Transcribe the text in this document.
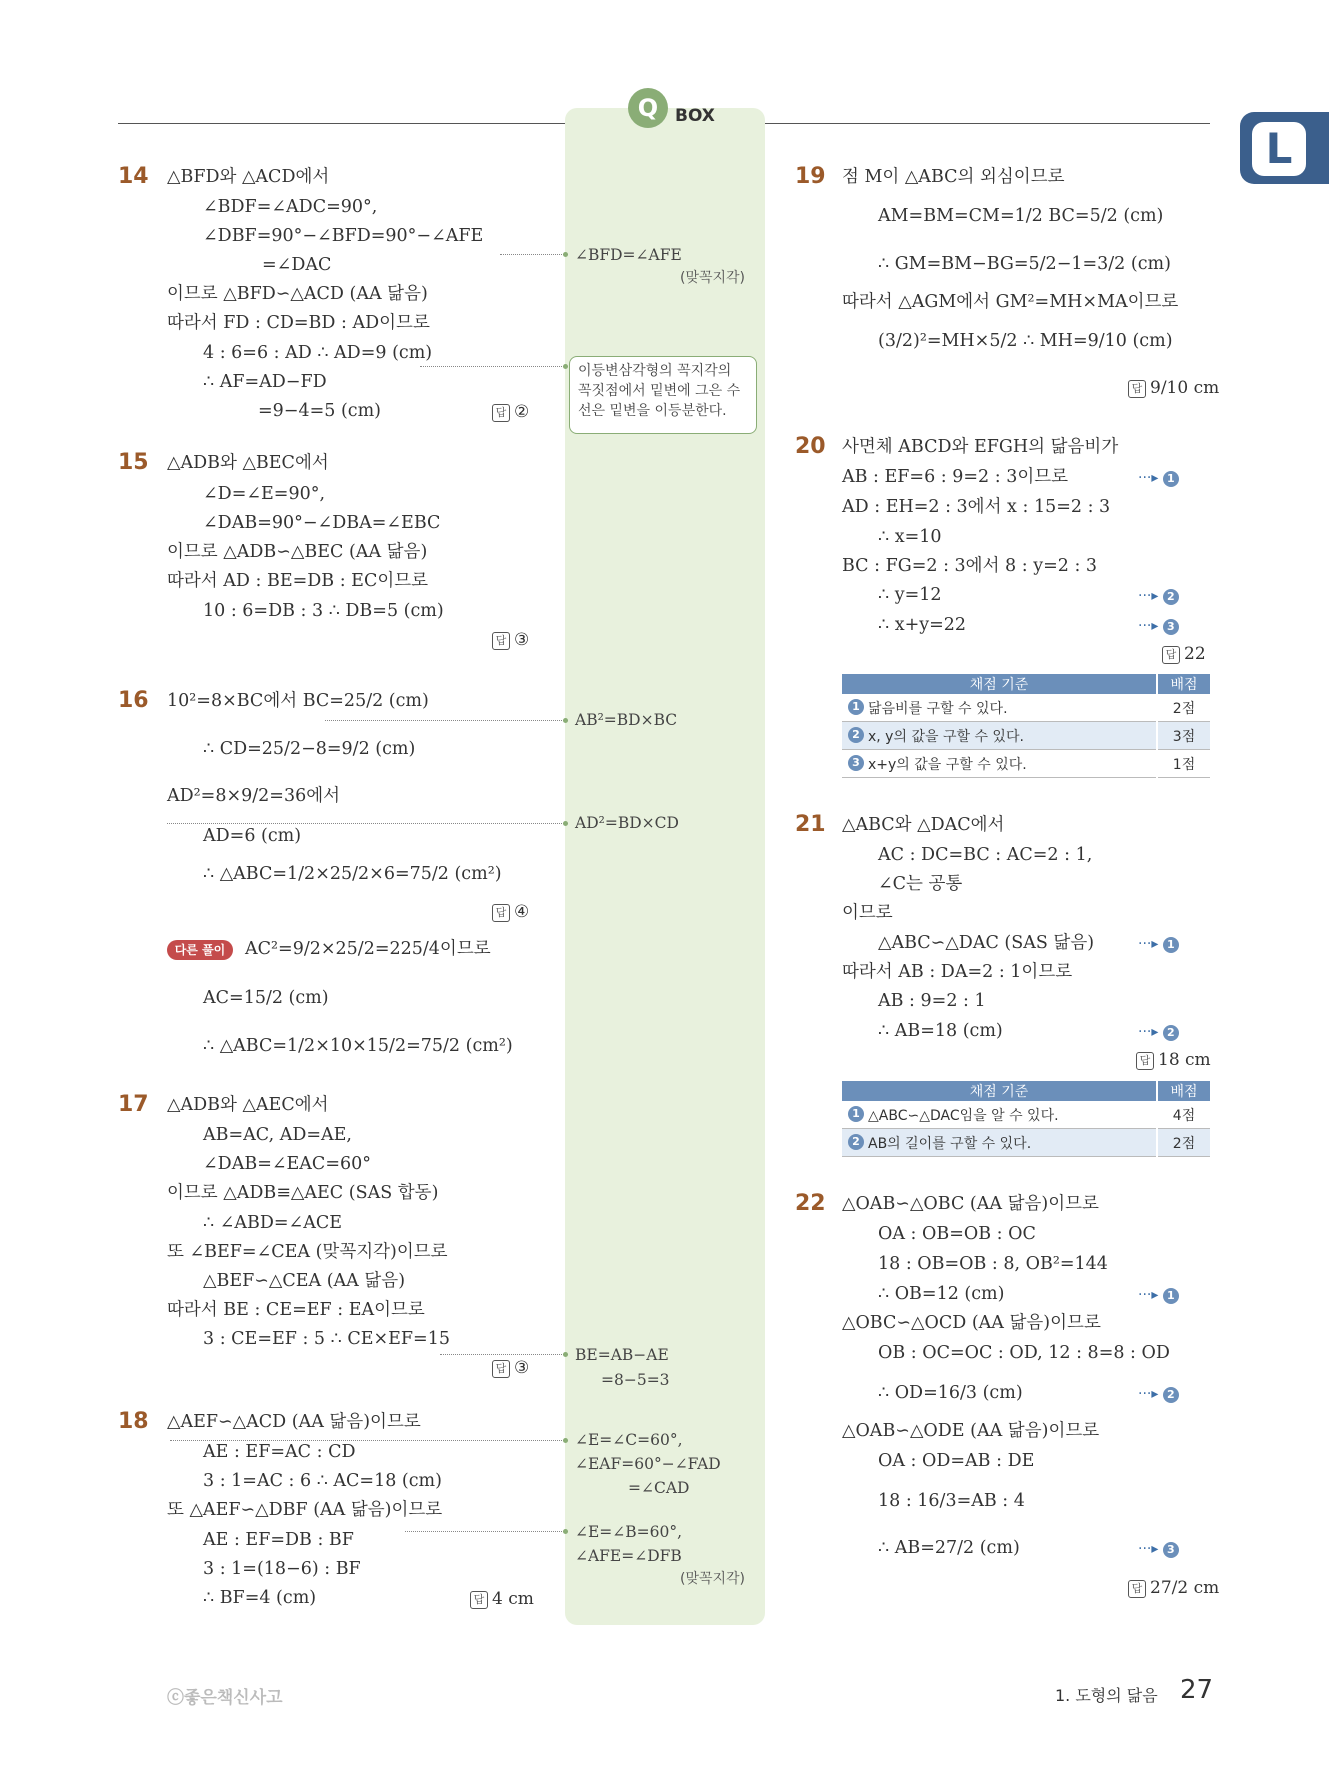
Q BOX
L
14
15
16
17
18
19
20
21
22
△BFD와 △ACD에서
∠BDF=∠ADC=90°,
∠DBF=90°−∠BFD=90°−∠AFE
=∠DAC
이므로 △BFD∽△ACD (AA 닮음)
따라서 FD : CD=BD : AD이므로
4 : 6=6 : AD ∴ AD=9 (cm)
∴ AF=AD−FD
=9−4=5 (cm)
△ADB와 △BEC에서
∠D=∠E=90°,
∠DAB=90°−∠DBA=∠EBC
이므로 △ADB∽△BEC (AA 닮음)
따라서 AD : BE=DB : EC이므로
10 : 6=DB : 3 ∴ DB=5 (cm)
10²=8×BC에서 BC=25/2 (cm)
∴ CD=25/2−8=9/2 (cm)
AD²=8×9/2=36에서
AD=6 (cm)
∴ △ABC=1/2×25/2×6=75/2 (cm²)
AC²=9/2×25/2=225/4이므로
AC=15/2 (cm)
∴ △ABC=1/2×10×15/2=75/2 (cm²)
△ADB와 △AEC에서
AB=AC, AD=AE,
∠DAB=∠EAC=60°
이므로 △ADB≡△AEC (SAS 합동)
∴ ∠ABD=∠ACE
또 ∠BEF=∠CEA (맞꼭지각)이므로
△BEF∽△CEA (AA 닮음)
따라서 BE : CE=EF : EA이므로
3 : CE=EF : 5 ∴ CE×EF=15
△AEF∽△ACD (AA 닮음)이므로
AE : EF=AC : CD
3 : 1=AC : 6 ∴ AC=18 (cm)
또 △AEF∽△DBF (AA 닮음)이므로
AE : EF=DB : BF
3 : 1=(18−6) : BF
∴ BF=4 (cm)
점 M이 △ABC의 외심이므로
AM=BM=CM=1/2 BC=5/2 (cm)
∴ GM=BM−BG=5/2−1=3/2 (cm)
따라서 △AGM에서 GM²=MH×MA이므로
(3/2)²=MH×5/2 ∴ MH=9/10 (cm)
사면체 ABCD와 EFGH의 닮음비가
AB : EF=6 : 9=2 : 3이므로
AD : EH=2 : 3에서 x : 15=2 : 3
∴ x=10
BC : FG=2 : 3에서 8 : y=2 : 3
∴ y=12
∴ x+y=22
△ABC와 △DAC에서
AC : DC=BC : AC=2 : 1,
∠C는 공통
이므로
△ABC∽△DAC (SAS 닮음)
따라서 AB : DA=2 : 1이므로
AB : 9=2 : 1
∴ AB=18 (cm)
△OAB∽△OBC (AA 닮음)이므로
OA : OB=OB : OC
18 : OB=OB : 8, OB²=144
∴ OB=12 (cm)
△OBC∽△OCD (AA 닮음)이므로
OB : OC=OC : OD, 12 : 8=8 : OD
∴ OD=16/3 (cm)
△OAB∽△ODE (AA 닮음)이므로
OA : OD=AB : DE
18 : 16/3=AB : 4
∴ AB=27/2 (cm)
∠BFD=∠AFE
(맞꼭지각)
AB²=BD×BC
AD²=BD×CD
BE=AB−AE
=8−5=3
∠E=∠C=60°,
∠EAF=60°−∠FAD
=∠CAD
∠E=∠B=60°,
∠AFE=∠DFB
(맞꼭지각)
답 ②
답 ③
답 ④
답 ③
답 4 cm
답 9/10 cm
답 22
답 18 cm
답 27/2 cm
···▸ 1
···▸ 2
···▸ 3
···▸ 1
···▸ 2
···▸ 1
···▸ 2
···▸ 3
이등변삼각형의 꼭지각의 꼭짓점에서 밑변에 그은 수선은 밑변을 이등분한다.
다른 풀이
채점 기준	배점

1 닮음비를 구할 수 있다.	2점

2 x, y의 값을 구할 수 있다.	3점

3 x+y의 값을 구할 수 있다.	1점
채점 기준	배점

1 △ABC∽△DAC임을 알 수 있다.	4점

2 AB의 길이를 구할 수 있다.	2점
ⓒ좋은책신사고	1. 도형의 닮음 27
